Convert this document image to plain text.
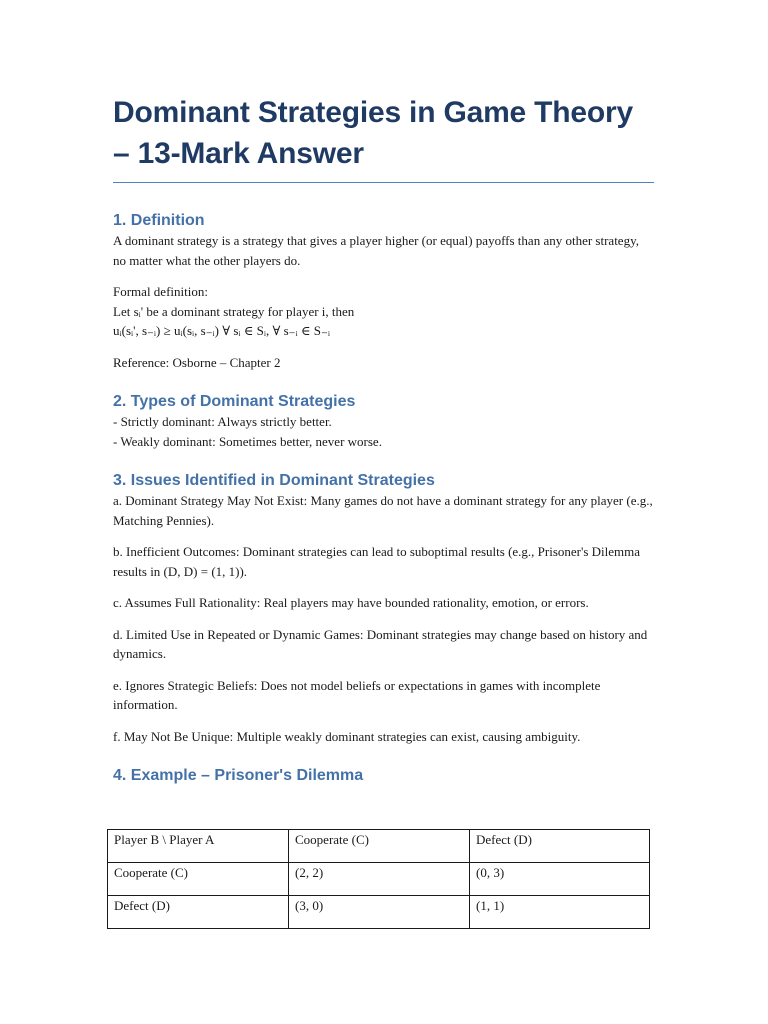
Dominant Strategies in Game Theory – 13-Mark Answer
1. Definition

A dominant strategy is a strategy that gives a player higher (or equal) payoffs than any other strategy, no matter what the other players do.

Formal definition:

Let sᵢ' be a dominant strategy for player i, then

uᵢ(sᵢ', s₋ᵢ) ≥ uᵢ(sᵢ, s₋ᵢ) ∀ sᵢ ∈ Sᵢ, ∀ s₋ᵢ ∈ S₋ᵢ

Reference: Osborne – Chapter 2

2. Types of Dominant Strategies

- Strictly dominant: Always strictly better.

- Weakly dominant: Sometimes better, never worse.

3. Issues Identified in Dominant Strategies

a. Dominant Strategy May Not Exist: Many games do not have a dominant strategy for any player (e.g., Matching Pennies).

b. Inefficient Outcomes: Dominant strategies can lead to suboptimal results (e.g., Prisoner's Dilemma results in (D, D) = (1, 1)).

c. Assumes Full Rationality: Real players may have bounded rationality, emotion, or errors.

d. Limited Use in Repeated or Dynamic Games: Dominant strategies may change based on history and dynamics.

e. Ignores Strategic Beliefs: Does not model beliefs or expectations in games with incomplete information.

f. May Not Be Unique: Multiple weakly dominant strategies can exist, causing ambiguity.

4. Example – Prisoner's Dilemma
Player B \ Player A	Cooperate (C)	Defect (D)
Cooperate (C)	(2, 2)	(0, 3)
Defect (D)	(3, 0)	(1, 1)
